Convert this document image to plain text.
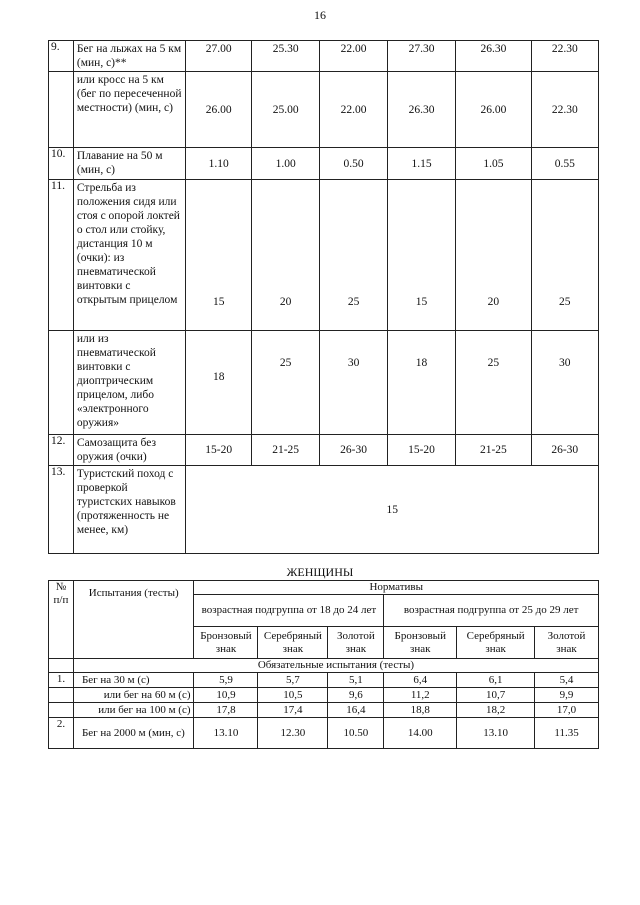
16
9.	Бег на лыжах на 5 км (мин, с)**	27.00	25.30	22.00	27.30	26.30	22.30
	или кросс на 5 км (бег по пересеченной местности) (мин, с)	26.00	25.00	22.00	26.30	26.00	22.30
10.	Плавание на 50 м (мин, с)	1.10	1.00	0.50	1.15	1.05	0.55
11.	Стрельба из положения сидя или стоя с опорой локтей о стол или стойку, дистанция 10 м (очки): из пневматической винтовки с открытым прицелом	15	20	25	15	20	25
	или из пневматической винтовки с диоптрическим прицелом, либо «электронного оружия»	18	25	30	18	25	30
12.	Самозащита без оружия (очки)	15-20	21-25	26-30	15-20	21-25	26-30
13.	Туристский поход с проверкой туристских навыков (протяженность не менее, км)	15					
ЖЕНЩИНЫ
№ п/п	Испытания (тесты)	Нормативы					
		возрастная подгруппа от 18 до 24 лет			возрастная подгруппа от 25 до 29 лет		
		Бронзовый знак	Серебряный знак	Золотой знак	Бронзовый знак	Серебряный знак	Золотой знак
	Обязательные испытания (тесты)						
1.	Бег на 30 м (с)	5,9	5,7	5,1	6,4	6,1	5,4
	или бег на 60 м (с)	10,9	10,5	9,6	11,2	10,7	9,9
	или бег на 100 м (с)	17,8	17,4	16,4	18,8	18,2	17,0
2.	Бег на 2000 м (мин, с)	13.10	12.30	10.50	14.00	13.10	11.35
